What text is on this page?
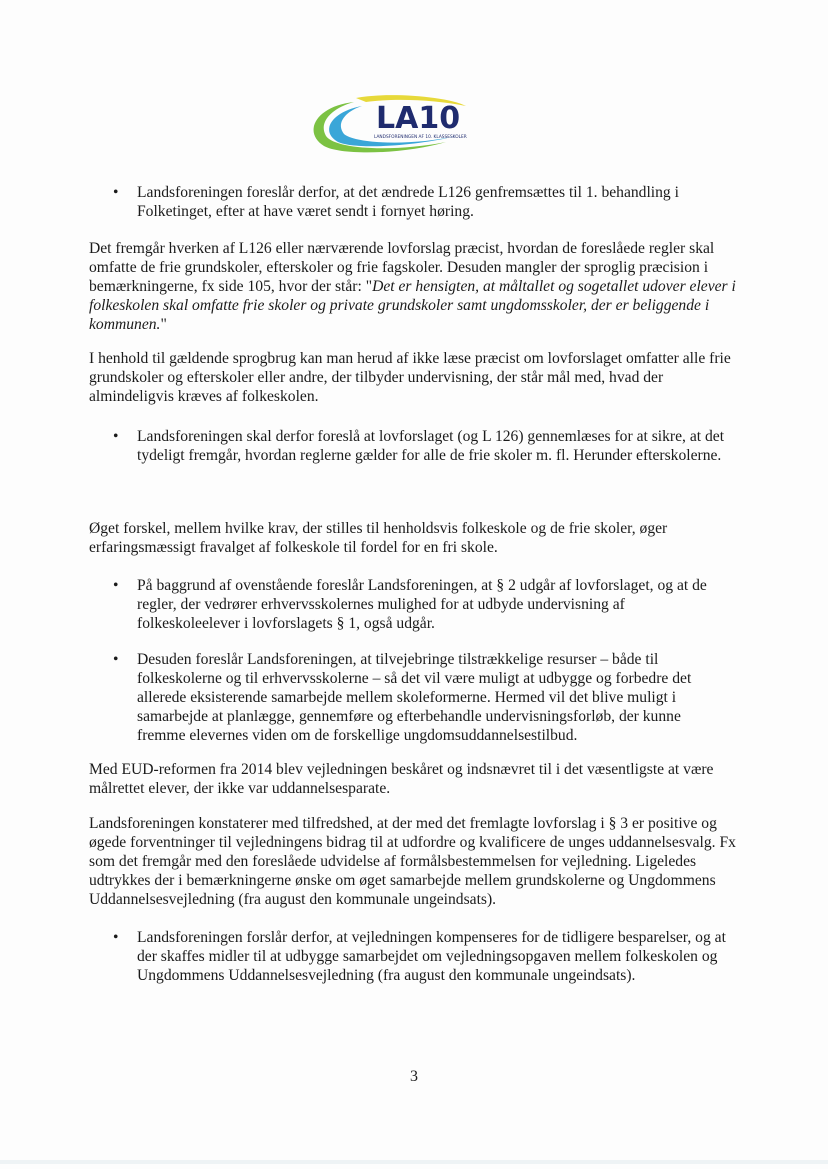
LA10
LANDSFORENINGEN AF 10. KLASSESKOLER
•	Landsforeningen foreslår derfor, at det ændrede L126 genfremsættes til 1. behandling i Folketinget, efter at have været sendt i fornyet høring.
Det fremgår hverken af L126 eller nærværende lovforslag præcist, hvordan de foreslåede regler skal omfatte de frie grundskoler, efterskoler og frie fagskoler. Desuden mangler der sproglig præcision i bemærkningerne, fx side 105, hvor der står: "Det er hensigten, at måltallet og sogetallet udover elever i folkeskolen skal omfatte frie skoler og private grundskoler samt ungdomsskoler, der er beliggende i kommunen."
I henhold til gældende sprogbrug kan man herud af ikke læse præcist om lovforslaget omfatter alle frie grundskoler og efterskoler eller andre, der tilbyder undervisning, der står mål med, hvad der almindeligvis kræves af folkeskolen.
•	Landsforeningen skal derfor foreslå at lovforslaget (og L 126) gennemlæses for at sikre, at det tydeligt fremgår, hvordan reglerne gælder for alle de frie skoler m. fl. Herunder efterskolerne.
Øget forskel, mellem hvilke krav, der stilles til henholdsvis folkeskole og de frie skoler, øger erfaringsmæssigt fravalget af folkeskole til fordel for en fri skole.
•	På baggrund af ovenstående foreslår Landsforeningen, at § 2 udgår af lovforslaget, og at de regler, der vedrører erhvervsskolernes mulighed for at udbyde undervisning af folkeskoleelever i lovforslagets § 1, også udgår.
•	Desuden foreslår Landsforeningen, at tilvejebringe tilstrækkelige resurser – både til folkeskolerne og til erhvervsskolerne – så det vil være muligt at udbygge og forbedre det allerede eksisterende samarbejde mellem skoleformerne. Hermed vil det blive muligt i samarbejde at planlægge, gennemføre og efterbehandle undervisningsforløb, der kunne fremme elevernes viden om de forskellige ungdomsuddannelsestilbud.
Med EUD-reformen fra 2014 blev vejledningen beskåret og indsnævret til i det væsentligste at være målrettet elever, der ikke var uddannelsesparate.
Landsforeningen konstaterer med tilfredshed, at der med det fremlagte lovforslag i § 3 er positive og øgede forventninger til vejledningens bidrag til at udfordre og kvalificere de unges uddannelsesvalg. Fx som det fremgår med den foreslåede udvidelse af formålsbestemmelsen for vejledning. Ligeledes udtrykkes der i bemærkningerne ønske om øget samarbejde mellem grundskolerne og Ungdommens Uddannelsesvejledning (fra august den kommunale ungeindsats).
•	Landsforeningen forslår derfor, at vejledningen kompenseres for de tidligere besparelser, og at der skaffes midler til at udbygge samarbejdet om vejledningsopgaven mellem folkeskolen og Ungdommens Uddannelsesvejledning (fra august den kommunale ungeindsats).
3
